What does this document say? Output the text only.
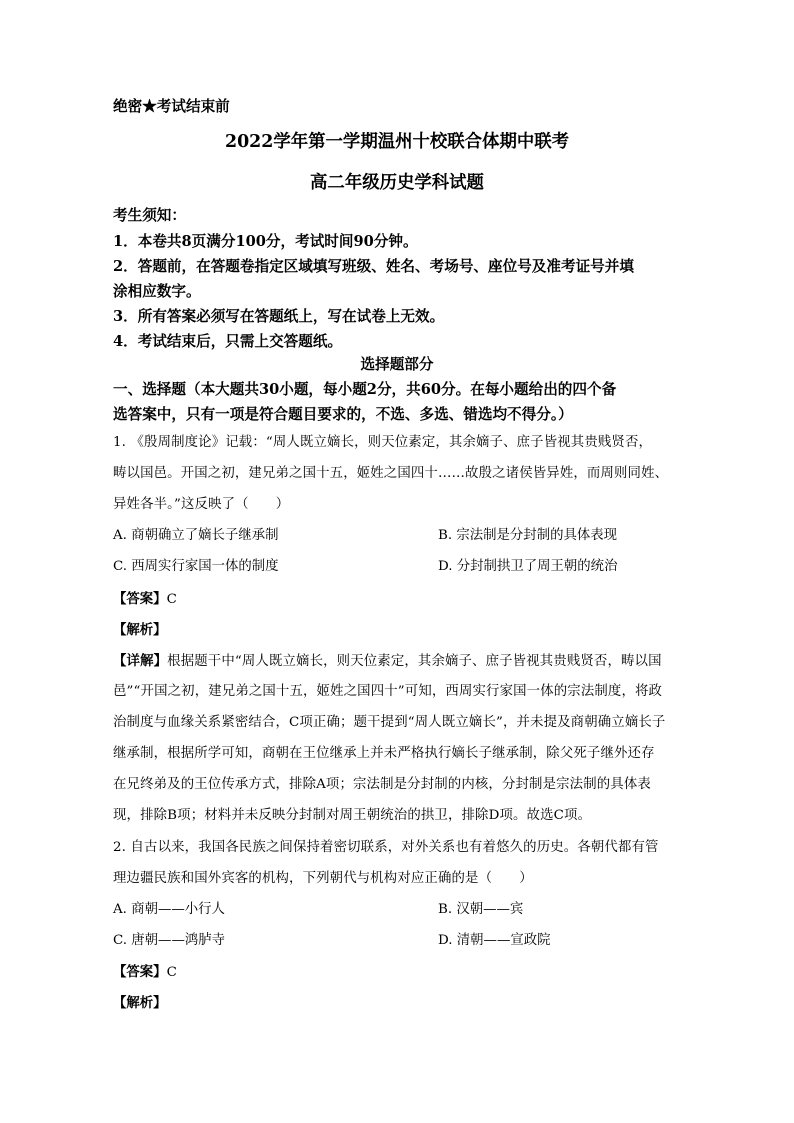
绝密★考试结束前
2022学年第一学期温州十校联合体期中联考
高二年级历史学科试题
考生须知：
1．本卷共8页满分100分，考试时间90分钟。
2．答题前，在答题卷指定区域填写班级、姓名、考场号、座位号及准考证号并填
涂相应数字。
3．所有答案必须写在答题纸上，写在试卷上无效。
4．考试结束后，只需上交答题纸。
选择题部分
一、选择题（本大题共30小题，每小题2分，共60分。在每小题给出的四个备
选答案中，只有一项是符合题目要求的，不选、多选、错选均不得分。）
1. 《殷周制度论》记载：“周人既立嫡长，则天位素定，其余嫡子、庶子皆视其贵贱贤否，
畴以国邑。开国之初，建兄弟之国十五，姬姓之国四十……故殷之诸侯皆异姓，而周则同姓、
异姓各半。”这反映了（　　）
A. 商朝确立了嫡长子继承制	B. 宗法制是分封制的具体表现
C. 西周实行家国一体的制度	D. 分封制拱卫了周王朝的统治
【答案】C
【解析】
【详解】根据题干中“周人既立嫡长，则天位素定，其余嫡子、庶子皆视其贵贱贤否，畴以国
邑”“开国之初，建兄弟之国十五，姬姓之国四十”可知，西周实行家国一体的宗法制度，将政
治制度与血缘关系紧密结合，C项正确；题干提到“周人既立嫡长”，并未提及商朝确立嫡长子
继承制，根据所学可知，商朝在王位继承上并未严格执行嫡长子继承制，除父死子继外还存
在兄终弟及的王位传承方式，排除A项；宗法制是分封制的内核，分封制是宗法制的具体表
现，排除B项；材料并未反映分封制对周王朝统治的拱卫，排除D项。故选C项。
2. 自古以来，我国各民族之间保持着密切联系，对外关系也有着悠久的历史。各朝代都有管
理边疆民族和国外宾客的机构，下列朝代与机构对应正确的是（　　）
A. 商朝——小行人	B. 汉朝——宾
C. 唐朝——鸿胪寺	D. 清朝——宣政院
【答案】C
【解析】
